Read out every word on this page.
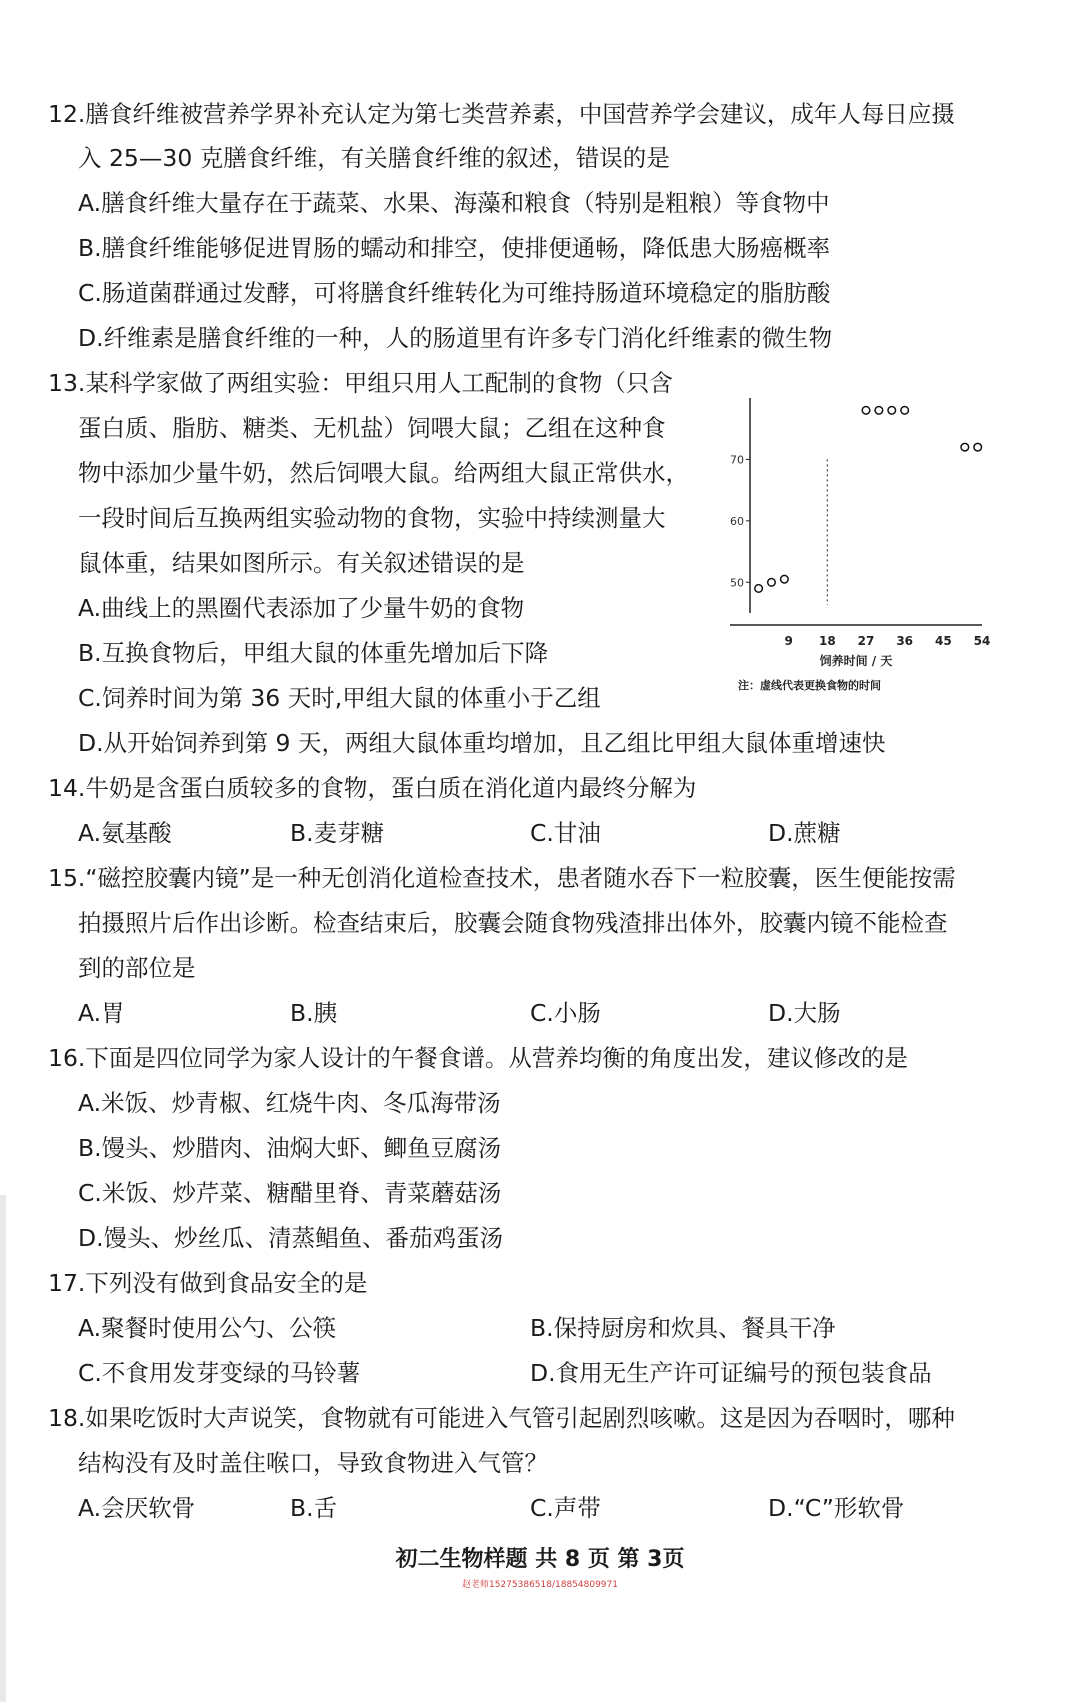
12.膳食纤维被营养学界补充认定为第七类营养素，中国营养学会建议，成年人每日应摄
入 25—30 克膳食纤维，有关膳食纤维的叙述，错误的是
A.膳食纤维大量存在于蔬菜、水果、海藻和粮食（特别是粗粮）等食物中
B.膳食纤维能够促进胃肠的蠕动和排空，使排便通畅，降低患大肠癌概率
C.肠道菌群通过发酵，可将膳食纤维转化为可维持肠道环境稳定的脂肪酸
D.纤维素是膳食纤维的一种，人的肠道里有许多专门消化纤维素的微生物
13.某科学家做了两组实验：甲组只用人工配制的食物（只含
蛋白质、脂肪、糖类、无机盐）饲喂大鼠；乙组在这种食
物中添加少量牛奶，然后饲喂大鼠。给两组大鼠正常供水，
一段时间后互换两组实验动物的食物，实验中持续测量大
鼠体重，结果如图所示。有关叙述错误的是
A.曲线上的黑圈代表添加了少量牛奶的食物
B.互换食物后，甲组大鼠的体重先增加后下降
C.饲养时间为第 36 天时,甲组大鼠的体重小于乙组
D.从开始饲养到第 9 天，两组大鼠体重均增加，且乙组比甲组大鼠体重增速快
50
60
70
9 18 27 36 45 54
饲养时间 / 天
注：虚线代表更换食物的时间
14.牛奶是含蛋白质较多的食物，蛋白质在消化道内最终分解为
A.氨基酸	B.麦芽糖	C.甘油	D.蔗糖
15.“磁控胶囊内镜”是一种无创消化道检查技术，患者随水吞下一粒胶囊，医生便能按需
拍摄照片后作出诊断。检查结束后，胶囊会随食物残渣排出体外，胶囊内镜不能检查
到的部位是
A.胃	B.胰	C.小肠	D.大肠
16.下面是四位同学为家人设计的午餐食谱。从营养均衡的角度出发，建议修改的是
A.米饭、炒青椒、红烧牛肉、冬瓜海带汤
B.馒头、炒腊肉、油焖大虾、鲫鱼豆腐汤
C.米饭、炒芹菜、糖醋里脊、青菜蘑菇汤
D.馒头、炒丝瓜、清蒸鲳鱼、番茄鸡蛋汤
17.下列没有做到食品安全的是
A.聚餐时使用公勺、公筷	B.保持厨房和炊具、餐具干净
C.不食用发芽变绿的马铃薯	D.食用无生产许可证编号的预包装食品
18.如果吃饭时大声说笑，食物就有可能进入气管引起剧烈咳嗽。这是因为吞咽时，哪种
结构没有及时盖住喉口，导致食物进入气管？
A.会厌软骨	B.舌	C.声带	D.“C”形软骨
初二生物样题 共 8 页 第 3页
赵老师15275386518/18854809971
